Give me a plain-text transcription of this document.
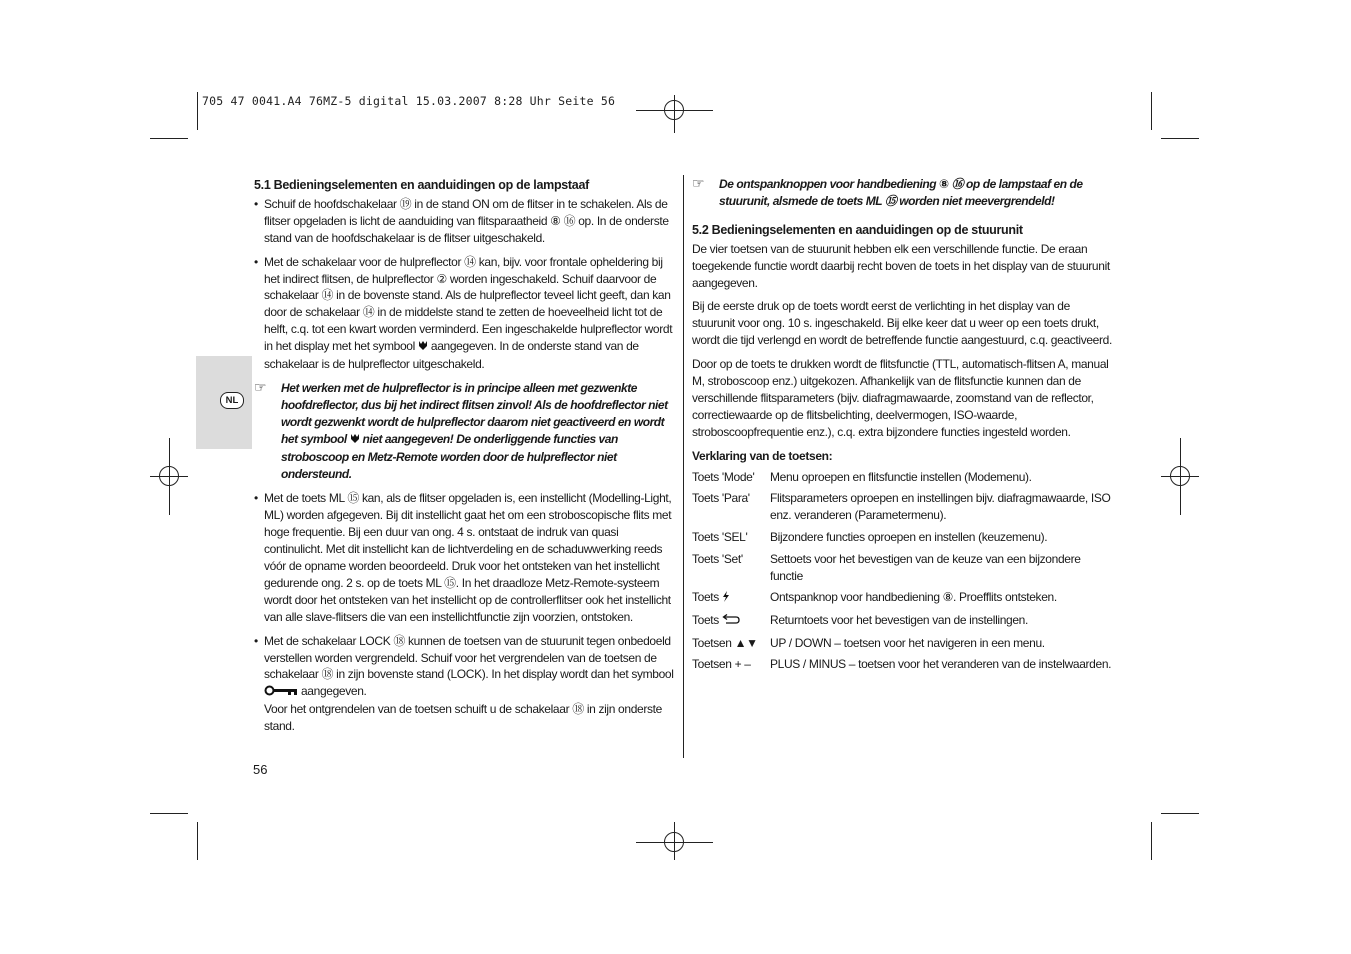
705 47 0041.A4 76MZ-5 digital 15.03.2007 8:28 Uhr Seite 56
NL
5.1 Bedieningselementen en aanduidingen op de lampstaaf
• Schuif de hoofdschakelaar ⑲ in de stand ON om de flitser in te schakelen. Als de flitser opgeladen is licht de aanduiding van flitsparaatheid ⑧ ⑯ op. In de onderste stand van de hoofdschakelaar is de flitser uitgeschakeld.
• Met de schakelaar voor de hulpreflector ⑭ kan, bijv. voor frontale opheldering bij het indirect flitsen, de hulpreflector ② worden ingeschakeld. Schuif daarvoor de schakelaar ⑭ in de bovenste stand. Als de hulpreflector teveel licht geeft, dan kan door de schakelaar ⑭ in de middelste stand te zetten de hoeveelheid licht tot de helft, c.q. tot een kwart worden verminderd. Een ingeschakelde hulpreflector wordt in het display met het symbool aangegeven. In de onderste stand van de schakelaar is de hulpreflector uitgeschakeld.
☞ Het werken met de hulpreflector is in principe alleen met gezwenkte hoofdreflector, dus bij het indirect flitsen zinvol! Als de hoofdreflector niet wordt gezwenkt wordt de hulpreflector daarom niet geactiveerd en wordt het symbool niet aangegeven! De onderliggende functies van stroboscoop en Metz-Remote worden door de hulpreflector niet ondersteund.
• Met de toets ML ⑮ kan, als de flitser opgeladen is, een instellicht (Modelling-Light, ML) worden afgegeven. Bij dit instellicht gaat het om een stroboscopische flits met hoge frequentie. Bij een duur van ong. 4 s. ontstaat de indruk van quasi continulicht. Met dit instellicht kan de lichtverdeling en de schaduwwerking reeds vóór de opname worden beoordeeld. Druk voor het ontsteken van het instellicht gedurende ong. 2 s. op de toets ML ⑮. In het draadloze Metz-Remote-systeem wordt door het ontsteken van het instellicht op de controllerflitser ook het instellicht van alle slave-flitsers die van een instellichtfunctie zijn voorzien, ontstoken.
• Met de schakelaar LOCK ⑱ kunnen de toetsen van de stuurunit tegen onbedoeld verstellen worden vergrendeld. Schuif voor het vergrendelen van de toetsen de schakelaar ⑱ in zijn bovenste stand (LOCK). In het display wordt dan het symbool  aangegeven.
Voor het ontgrendelen van de toetsen schuift u de schakelaar ⑱ in zijn onderste stand.
56
☞ De ontspanknoppen voor handbediening ⑧ ⑯ op de lampstaaf en de stuurunit, alsmede de toets ML ⑮ worden niet meevergrendeld!
5.2 Bedieningselementen en aanduidingen op de stuurunit

De vier toetsen van de stuurunit hebben elk een verschillende functie. De eraan toegekende functie wordt daarbij recht boven de toets in het display van de stuurunit aangegeven.

Bij de eerste druk op de toets wordt eerst de verlichting in het display van de stuurunit voor ong. 10 s. ingeschakeld. Bij elke keer dat u weer op een toets drukt, wordt die tijd verlengd en wordt de betreffende functie aangestuurd, c.q. geactiveerd.

Door op de toets te drukken wordt de flitsfunctie (TTL, automatisch-flitsen A, manual M, stroboscoop enz.) uitgekozen. Afhankelijk van de flitsfunctie kunnen dan de verschillende flitsparameters (bijv. diafragmawaarde, zoomstand van de reflector, correctiewaarde op de flitsbelichting, deelvermogen, ISO-waarde, stroboscoopfrequentie enz.), c.q. extra bijzondere functies ingesteld worden.

Verklaring van de toetsen:
Toets 'Mode'	Menu oproepen en flitsfunctie instellen (Modemenu).
Toets 'Para'	Flitsparameters oproepen en instellingen bijv. diafragmawaarde, ISO enz. veranderen (Parametermenu).
Toets 'SEL'	Bijzondere functies oproepen en instellen (keuzemenu).
Toets 'Set'	Settoets voor het bevestigen van de keuze van een bijzondere functie
Toets	Ontspanknop voor handbediening ⑧. Proefflits ontsteken.
Toets	Returntoets voor het bevestigen van de instellingen.
Toetsen ▲▼	UP / DOWN – toetsen voor het navigeren in een menu.
Toetsen + –	PLUS / MINUS – toetsen voor het veranderen van de instelwaarden.
